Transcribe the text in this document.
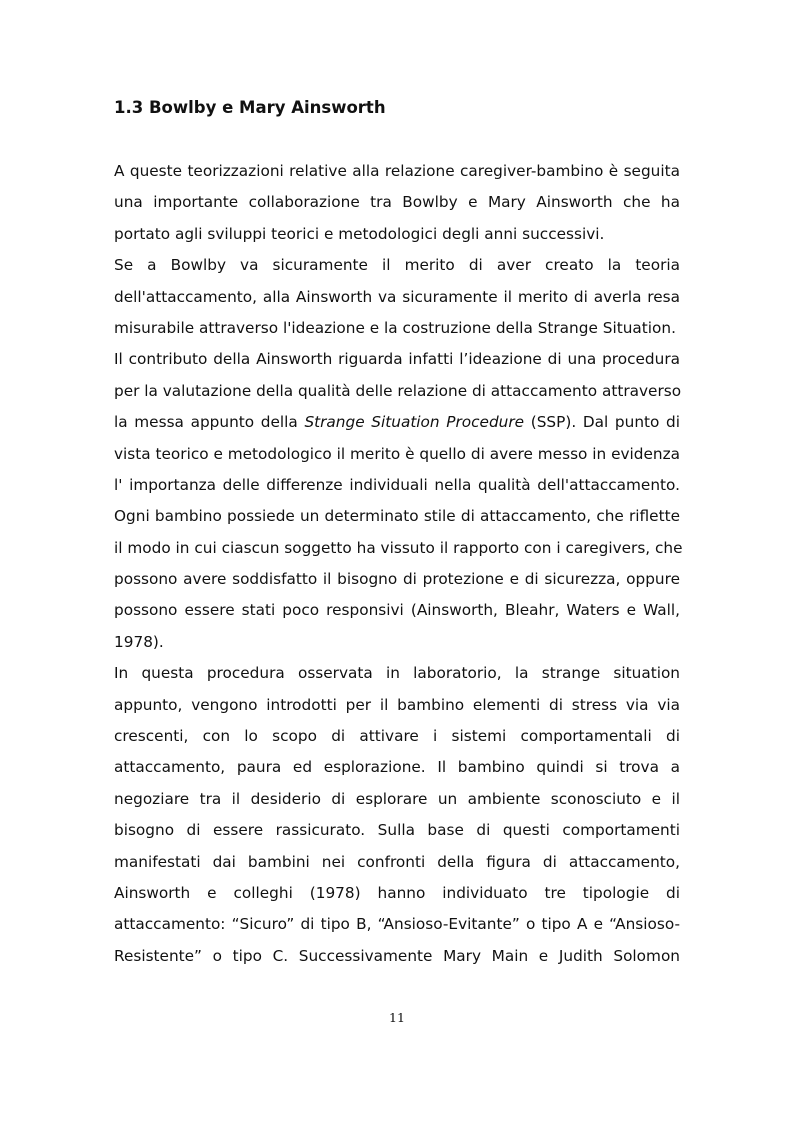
1.3 Bowlby e Mary Ainsworth
A queste teorizzazioni relative alla relazione caregiver-bambino è seguita
una importante collaborazione tra Bowlby e Mary Ainsworth che ha
portato agli sviluppi teorici e metodologici degli anni successivi.
Se a Bowlby va sicuramente il merito di aver creato la teoria
dell'attaccamento, alla Ainsworth va sicuramente il merito di averla resa
misurabile attraverso l'ideazione e la costruzione della Strange Situation.
Il contributo della Ainsworth riguarda infatti l’ideazione di una procedura
per la valutazione della qualità delle relazione di attaccamento attraverso
la messa appunto della Strange Situation Procedure (SSP). Dal punto di
vista teorico e metodologico il merito è quello di avere messo in evidenza
l' importanza delle differenze individuali nella qualità dell'attaccamento.
Ogni bambino possiede un determinato stile di attaccamento, che riflette
il modo in cui ciascun soggetto ha vissuto il rapporto con i caregivers, che
possono avere soddisfatto il bisogno di protezione e di sicurezza, oppure
possono essere stati poco responsivi (Ainsworth, Bleahr, Waters e Wall,
1978).
In questa procedura osservata in laboratorio, la strange situation
appunto, vengono introdotti per il bambino elementi di stress via via
crescenti, con lo scopo di attivare i sistemi comportamentali di
attaccamento, paura ed esplorazione. Il bambino quindi si trova a
negoziare tra il desiderio di esplorare un ambiente sconosciuto e il
bisogno di essere rassicurato. Sulla base di questi comportamenti
manifestati dai bambini nei confronti della figura di attaccamento,
Ainsworth e colleghi (1978) hanno individuato tre tipologie di
attaccamento: “Sicuro” di tipo B, “Ansioso-Evitante” o tipo A e “Ansioso-
Resistente” o tipo C. Successivamente Mary Main e Judith Solomon
11
